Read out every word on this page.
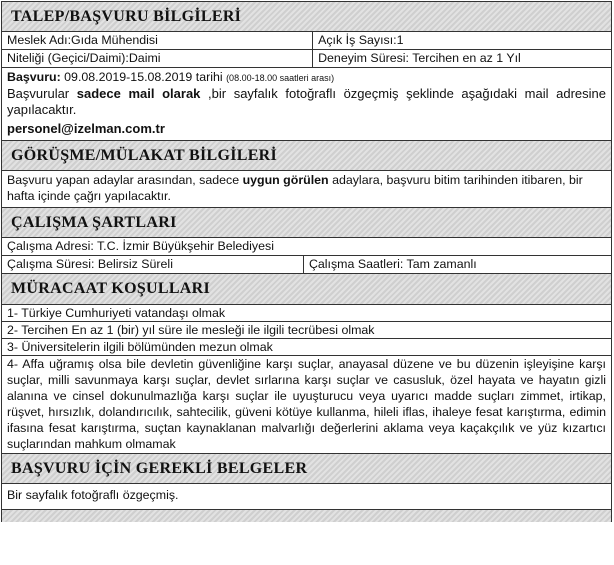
TALEP/BAŞVURU BİLGİLERİ
Meslek Adı:Gıda Mühendisi	Açık İş Sayısı:1
Niteliği (Geçici/Daimi):Daimi	Deneyim Süresi: Tercihen en az 1 Yıl
Başvuru: 09.08.2019-15.08.2019 tarihi (08.00-18.00 saatleri arası)
Başvurular sadece mail olarak ,bir sayfalık fotoğraflı özgeçmiş şeklinde aşağıdaki mail adresine yapılacaktır.
personel@izelman.com.tr
GÖRÜŞME/MÜLAKAT BİLGİLERİ
Başvuru yapan adaylar arasından, sadece uygun görülen adaylara, başvuru bitim tarihinden itibaren, bir hafta içinde çağrı yapılacaktır.
ÇALIŞMA ŞARTLARI
Çalışma Adresi: T.C. İzmir Büyükşehir Belediyesi
Çalışma Süresi: Belirsiz Süreli	Çalışma Saatleri: Tam zamanlı
MÜRACAAT KOŞULLARI
1- Türkiye Cumhuriyeti vatandaşı olmak
2- Tercihen En az 1 (bir) yıl süre ile mesleği ile ilgili tecrübesi olmak
3- Üniversitelerin ilgili bölümünden mezun olmak
4- Affa uğramış olsa bile devletin güvenliğine karşı suçlar, anayasal düzene ve bu düzenin işleyişine karşı suçlar, milli savunmaya karşı suçlar, devlet sırlarına karşı suçlar ve casusluk, özel hayata ve hayatın gizli alanına ve cinsel dokunulmazlığa karşı suçlar ile uyuşturucu veya uyarıcı madde suçları zimmet, irtikap, rüşvet, hırsızlık, dolandırıcılık, sahtecilik, güveni kötüye kullanma, hileli iflas, ihaleye fesat karıştırma, edimin ifasına fesat karıştırma, suçtan kaynaklanan malvarlığı değerlerini aklama veya kaçakçılık ve yüz kızartıcı suçlarından mahkum olmamak
BAŞVURU İÇİN GEREKLİ BELGELER
Bir sayfalık fotoğraflı özgeçmiş.
